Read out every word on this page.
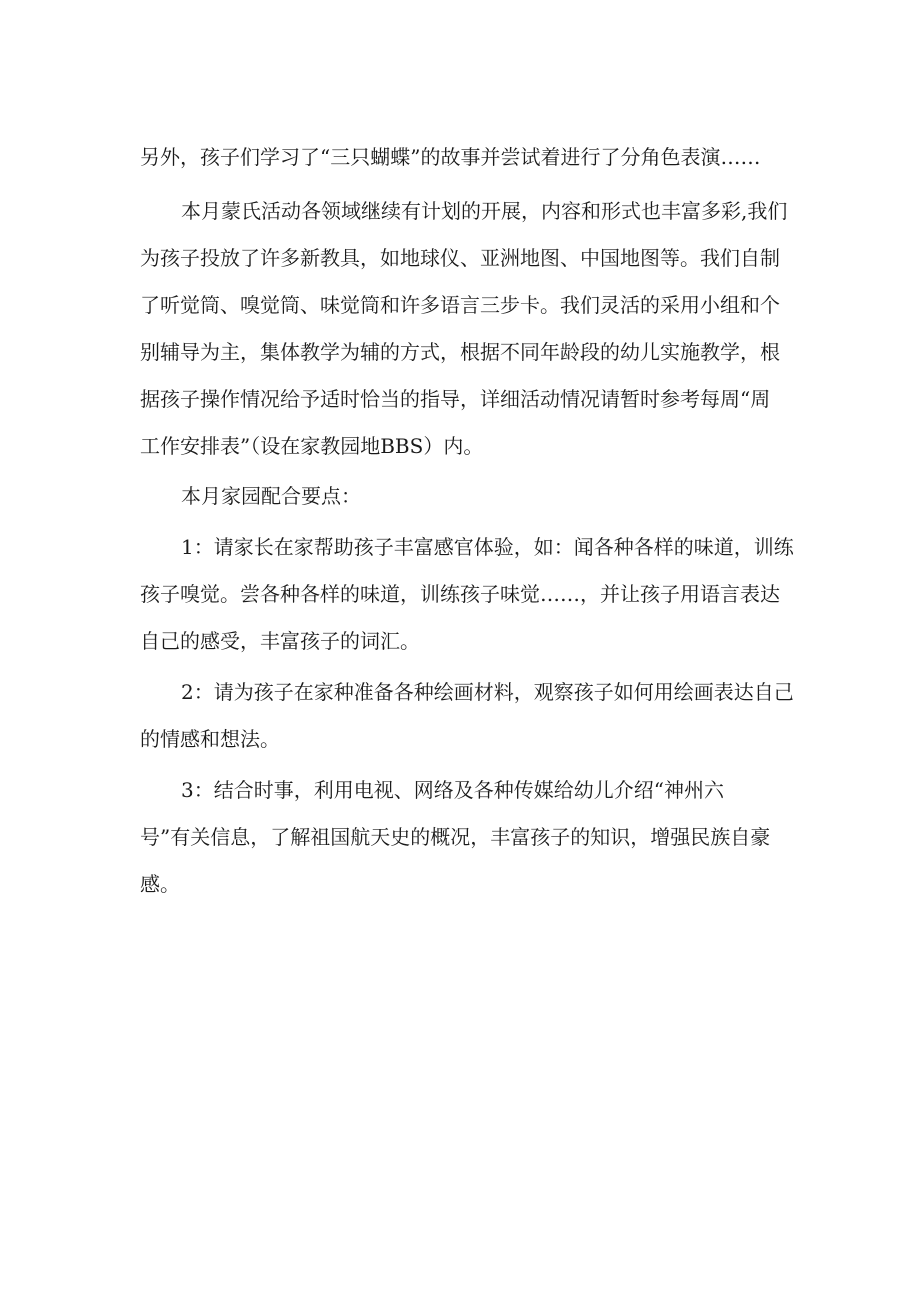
另外，孩子们学习了“三只蝴蝶”的故事并尝试着进行了分角色表演……
本月蒙氏活动各领域继续有计划的开展，内容和形式也丰富多彩,我们
为孩子投放了许多新教具，如地球仪、亚洲地图、中国地图等。我们自制
了听觉筒、嗅觉筒、味觉筒和许多语言三步卡。我们灵活的采用小组和个
别辅导为主，集体教学为辅的方式，根据不同年龄段的幼儿实施教学，根
据孩子操作情况给予适时恰当的指导，详细活动情况请暂时参考每周“周
工作安排表”（设在家教园地BBS）内。
本月家园配合要点：
1：请家长在家帮助孩子丰富感官体验，如：闻各种各样的味道，训练
孩子嗅觉。尝各种各样的味道，训练孩子味觉……，并让孩子用语言表达
自己的感受，丰富孩子的词汇。
2：请为孩子在家种准备各种绘画材料，观察孩子如何用绘画表达自己
的情感和想法。
3：结合时事，利用电视、网络及各种传媒给幼儿介绍“神州六
号”有关信息，了解祖国航天史的概况，丰富孩子的知识，增强民族自豪
感。
